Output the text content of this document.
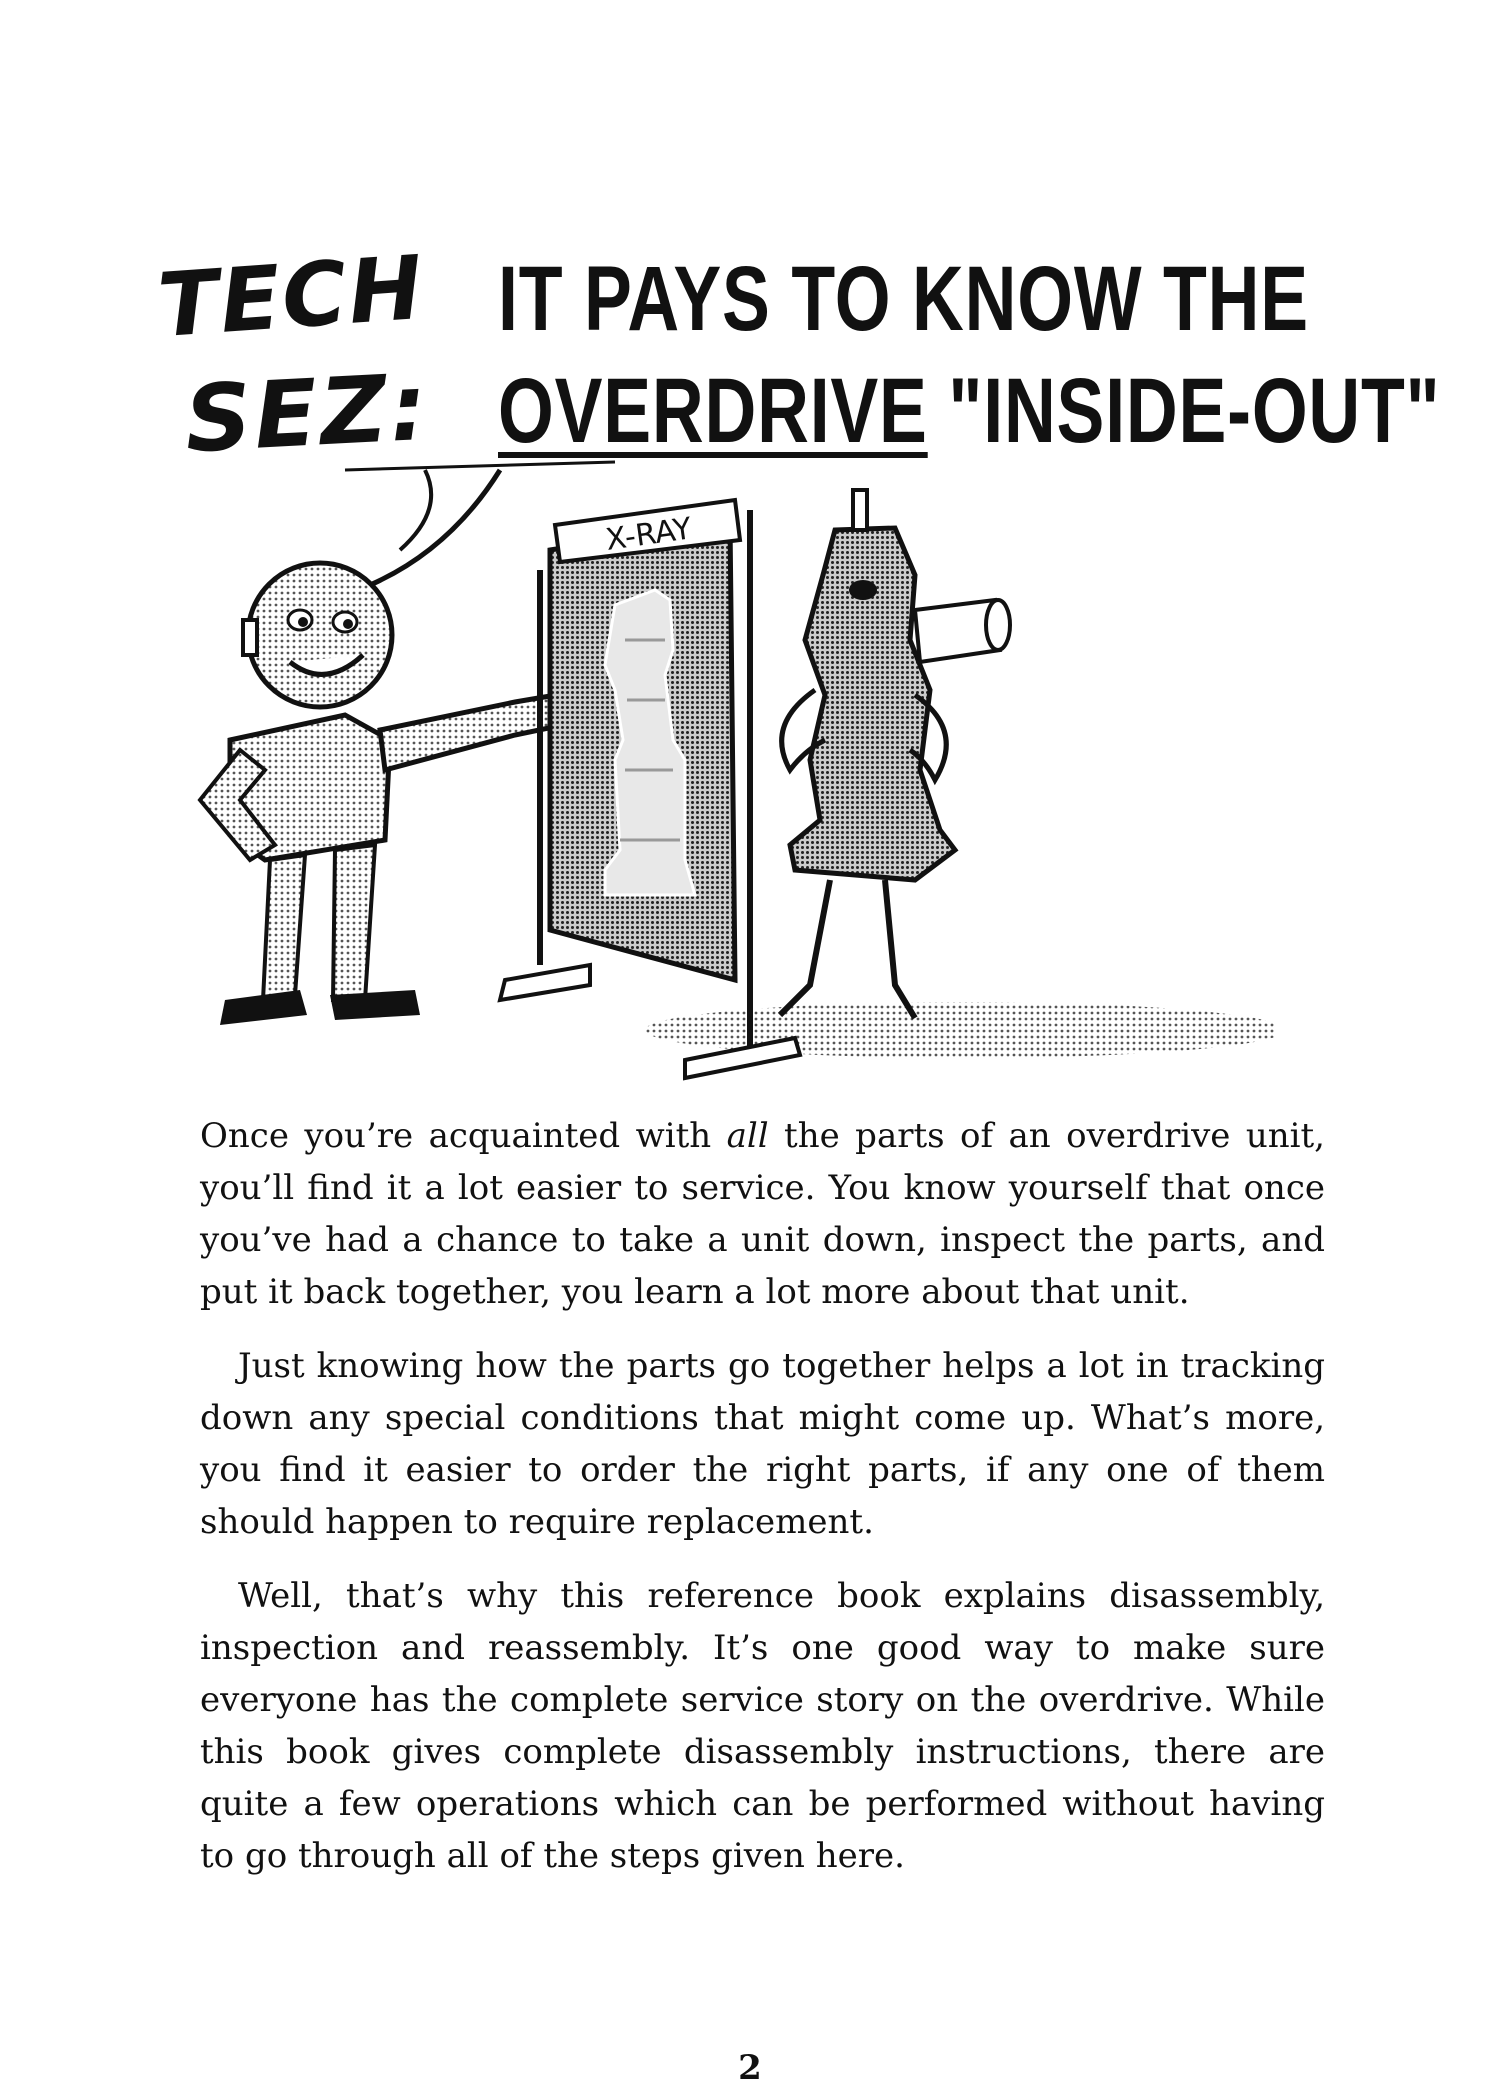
TECH
SEZ:
IT PAYS TO KNOW THE
OVERDRIVE "INSIDE-OUT"
X-RAY

Once you’re acquainted with all the parts of an overdrive unit, you’ll find it a lot easier to service. You know yourself that once you’ve had a chance to take a unit down, inspect the parts, and put it back together, you learn a lot more about that unit.

Just knowing how the parts go together helps a lot in tracking down any special conditions that might come up. What’s more, you find it easier to order the right parts, if any one of them should happen to require replacement.

Well, that’s why this reference book explains disassembly, inspection and reassembly. It’s one good way to make sure everyone has the complete service story on the overdrive. While this book gives complete disassembly instructions, there are quite a few operations which can be performed without having to go through all of the steps given here.

2
